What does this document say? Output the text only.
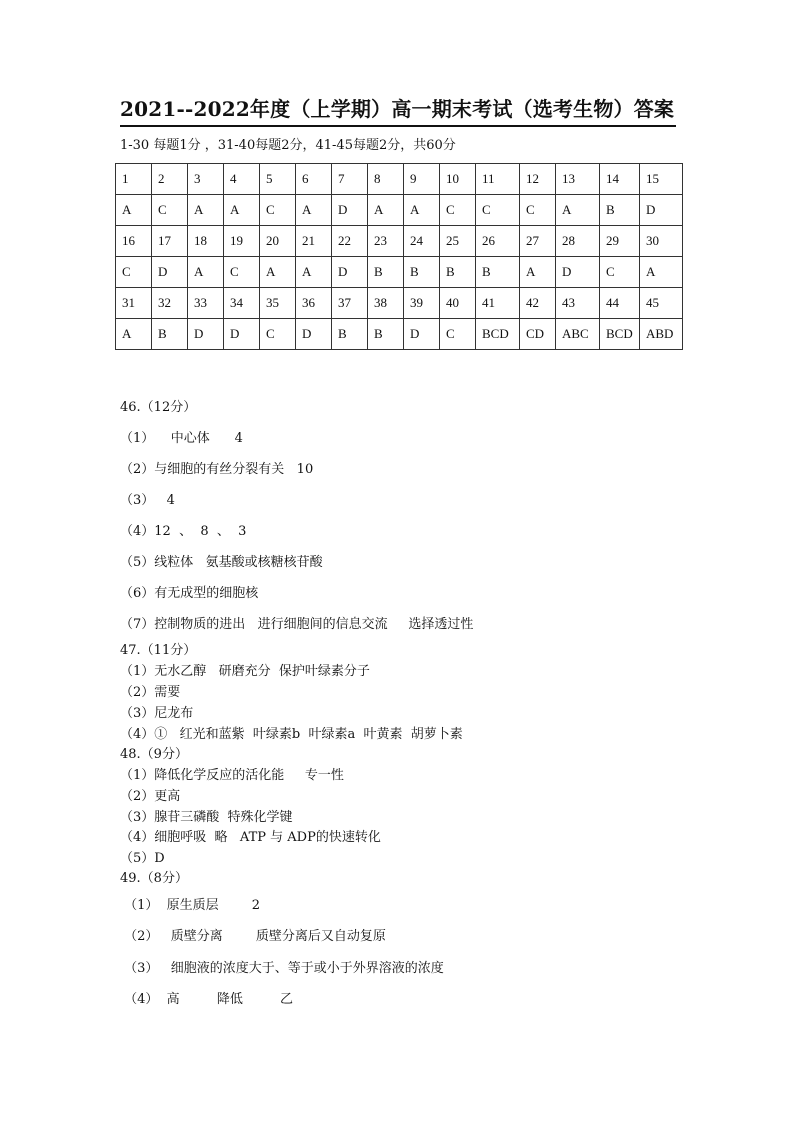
2021--2022年度（上学期）高一期末考试（选考生物）答案
1-30 每题1分 ，31-40每题2分，41-45每题2分，共60分
1	2	3	4	5	6	7	8	9	10	11	12	13	14	15
A	C	A	A	C	A	D	A	A	C	C	C	A	B	D
16	17	18	19	20	21	22	23	24	25	26	27	28	29	30
C	D	A	C	A	A	D	B	B	B	B	A	D	C	A
31	32	33	34	35	36	37	38	39	40	41	42	43	44	45
A	B	D	D	C	D	B	B	D	C	BCD	CD	ABC	BCD	ABD
46.（12分）
（1）    中心体      4
（2）与细胞的有丝分裂有关   10
（3）   4
（4）12  、  8  、  3
（5）线粒体   氨基酸或核糖核苷酸
（6）有无成型的细胞核
（7）控制物质的进出   进行细胞间的信息交流     选择透过性
47.（11分）
（1）无水乙醇   研磨充分  保护叶绿素分子
（2）需要
（3）尼龙布
（4）①   红光和蓝紫  叶绿素b  叶绿素a  叶黄素  胡萝卜素
48.（9分）
（1）降低化学反应的活化能     专一性
（2）更高
（3）腺苷三磷酸  特殊化学键
（4）细胞呼吸  略   ATP 与 ADP的快速转化
（5）D
49.（8分）
（1）  原生质层        2
（2）   质壁分离        质壁分离后又自动复原
（3）   细胞液的浓度大于、等于或小于外界溶液的浓度
（4）  高         降低         乙
